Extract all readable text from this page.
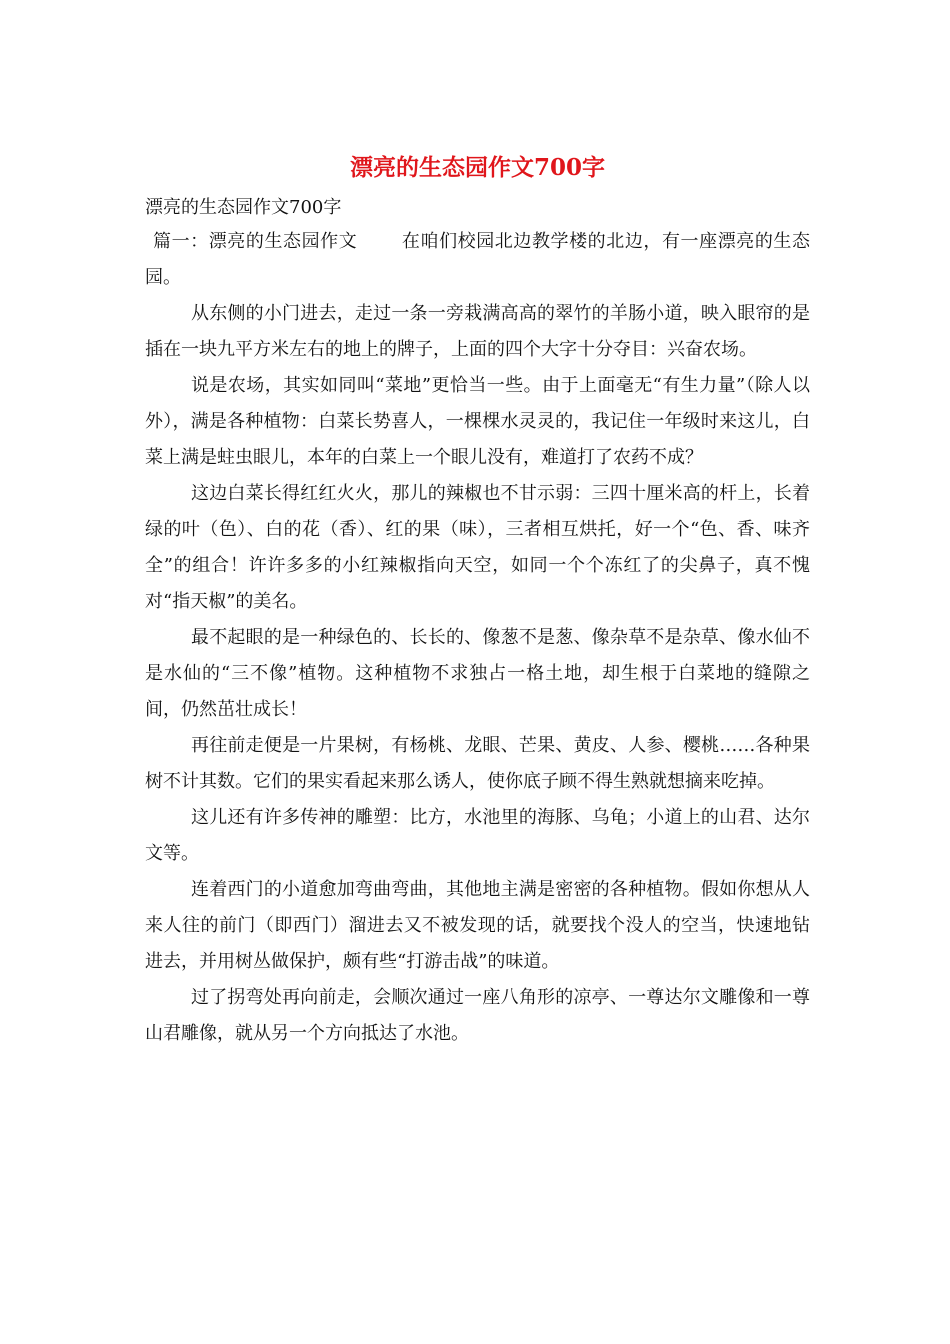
漂亮的生态园作文700字

漂亮的生态园作文700字

篇一：漂亮的生态园作文 在咱们校园北边教学楼的北边，有一座漂亮的生态园。

从东侧的小门进去，走过一条一旁栽满高高的翠竹的羊肠小道，映入眼帘的是插在一块九平方米左右的地上的牌子，上面的四个大字十分夺目：兴奋农场。

说是农场，其实如同叫“菜地”更恰当一些。由于上面毫无“有生力量”（除人以外），满是各种植物：白菜长势喜人，一棵棵水灵灵的，我记住一年级时来这儿，白菜上满是蛀虫眼儿，本年的白菜上一个眼儿没有，难道打了农药不成？

这边白菜长得红红火火，那儿的辣椒也不甘示弱：三四十厘米高的杆上，长着绿的叶（色）、白的花（香）、红的果（味），三者相互烘托，好一个“色、香、味齐全”的组合！许许多多的小红辣椒指向天空，如同一个个冻红了的尖鼻子，真不愧对“指天椒”的美名。

最不起眼的是一种绿色的、长长的、像葱不是葱、像杂草不是杂草、像水仙不是水仙的“三不像”植物。这种植物不求独占一格土地，却生根于白菜地的缝隙之间，仍然茁壮成长！

再往前走便是一片果树，有杨桃、龙眼、芒果、黄皮、人参、樱桃……各种果树不计其数。它们的果实看起来那么诱人，使你底子顾不得生熟就想摘来吃掉。

这儿还有许多传神的雕塑：比方，水池里的海豚、乌龟；小道上的山君、达尔文等。

连着西门的小道愈加弯曲弯曲，其他地主满是密密的各种植物。假如你想从人来人往的前门（即西门）溜进去又不被发现的话，就要找个没人的空当，快速地钻进去，并用树丛做保护，颇有些“打游击战”的味道。

过了拐弯处再向前走，会顺次通过一座八角形的凉亭、一尊达尔文雕像和一尊山君雕像，就从另一个方向抵达了水池。
